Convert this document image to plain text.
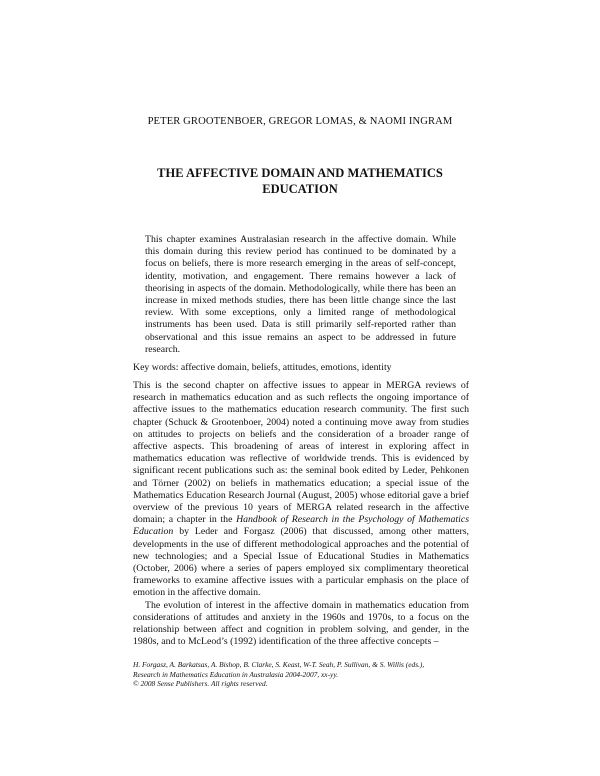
PETER GROOTENBOER, GREGOR LOMAS, & NAOMI INGRAM
THE AFFECTIVE DOMAIN AND MATHEMATICS
EDUCATION
This chapter examines Australasian research in the affective domain. While this domain during this review period has continued to be dominated by a focus on beliefs, there is more research emerging in the areas of self-concept, identity, motivation, and engagement. There remains however a lack of theorising in aspects of the domain. Methodologically, while there has been an increase in mixed methods studies, there has been little change since the last review. With some exceptions, only a limited range of methodological instruments has been used. Data is still primarily self-reported rather than observational and this issue remains an aspect to be addressed in future research.
Key words: affective domain, beliefs, attitudes, emotions, identity

This is the second chapter on affective issues to appear in MERGA reviews of research in mathematics education and as such reflects the ongoing importance of affective issues to the mathematics education research community. The first such chapter (Schuck & Grootenboer, 2004) noted a continuing move away from studies on attitudes to projects on beliefs and the consideration of a broader range of affective aspects. This broadening of areas of interest in exploring affect in mathematics education was reflective of worldwide trends. This is evidenced by significant recent publications such as: the seminal book edited by Leder, Pehkonen and Törner (2002) on beliefs in mathematics education; a special issue of the Mathematics Education Research Journal (August, 2005) whose editorial gave a brief overview of the previous 10 years of MERGA related research in the affective domain; a chapter in the Handbook of Research in the Psychology of Mathematics Education by Leder and Forgasz (2006) that discussed, among other matters, developments in the use of different methodological approaches and the potential of new technologies; and a Special Issue of Educational Studies in Mathematics (October, 2006) where a series of papers employed six complimentary theoretical frameworks to examine affective issues with a particular emphasis on the place of emotion in the affective domain.

The evolution of interest in the affective domain in mathematics education from considerations of attitudes and anxiety in the 1960s and 1970s, to a focus on the relationship between affect and cognition in problem solving, and gender, in the 1980s, and to McLeod’s (1992) identification of the three affective concepts –

H. Forgasz, A. Barkatsas, A. Bishop, B. Clarke, S. Keast, W-T. Seah, P. Sullivan, & S. Willis (eds.),
Research in Mathematics Education in Australasia 2004-2007, xx-yy.
© 2008 Sense Publishers. All rights reserved.
